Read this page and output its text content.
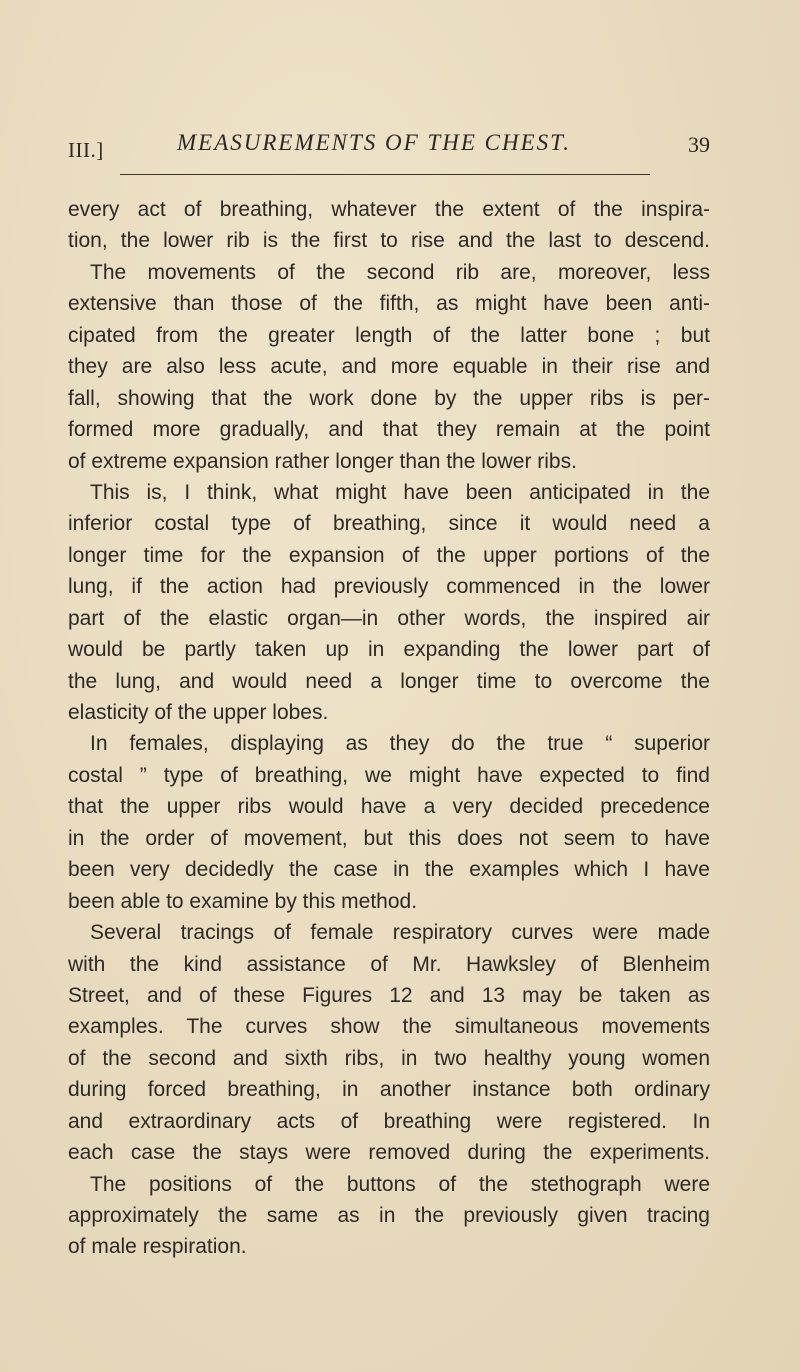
III.]	MEASUREMENTS OF THE CHEST.	39
every act of breathing, whatever the extent of the inspira-
tion, the lower rib is the first to rise and the last to descend.
The movements of the second rib are, moreover, less
extensive than those of the fifth, as might have been anti-
cipated from the greater length of the latter bone ; but
they are also less acute, and more equable in their rise and
fall, showing that the work done by the upper ribs is per-
formed more gradually, and that they remain at the point
of extreme expansion rather longer than the lower ribs.
This is, I think, what might have been anticipated in the
inferior costal type of breathing, since it would need a
longer time for the expansion of the upper portions of the
lung, if the action had previously commenced in the lower
part of the elastic organ—in other words, the inspired air
would be partly taken up in expanding the lower part of
the lung, and would need a longer time to overcome the
elasticity of the upper lobes.
In females, displaying as they do the true “ superior
costal ” type of breathing, we might have expected to find
that the upper ribs would have a very decided precedence
in the order of movement, but this does not seem to have
been very decidedly the case in the examples which I have
been able to examine by this method.
Several tracings of female respiratory curves were made
with the kind assistance of Mr. Hawksley of Blenheim
Street, and of these Figures 12 and 13 may be taken as
examples. The curves show the simultaneous movements
of the second and sixth ribs, in two healthy young women
during forced breathing, in another instance both ordinary
and extraordinary acts of breathing were registered. In
each case the stays were removed during the experiments.
The positions of the buttons of the stethograph were
approximately the same as in the previously given tracing
of male respiration.
